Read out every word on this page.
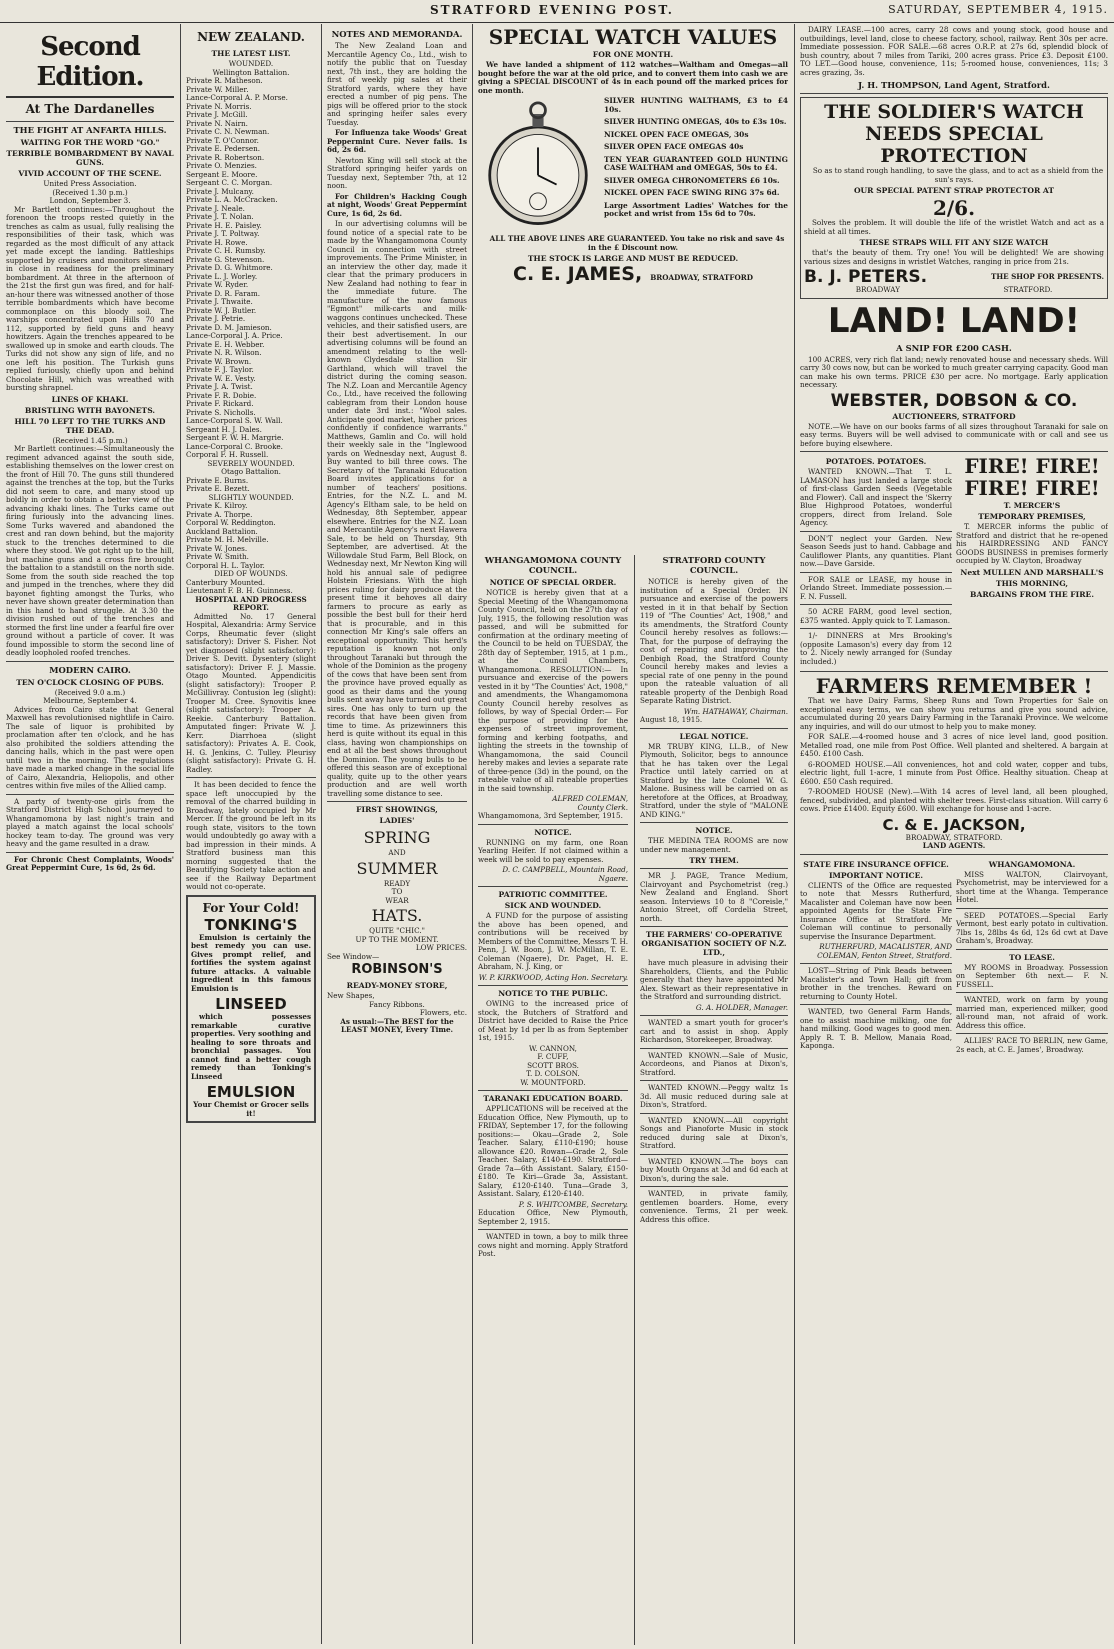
STRATFORD EVENING POST.	SATURDAY, SEPTEMBER 4, 1915.
Second Edition.
At The Dardanelles
THE FIGHT AT ANFARTA HILLS.
WAITING FOR THE WORD "GO."
TERRIBLE BOMBARDMENT BY NAVAL GUNS.
VIVID ACCOUNT OF THE SCENE.
United Press Association.
(Received 1.30 p.m.)
London, September 3.

Mr Bartlett continues:—Throughout the forenoon the troops rested quietly in the trenches as calm as usual, fully realising the responsibilities of their task, which was regarded as the most difficult of any attack yet made except the landing. Battleships supported by cruisers and monitors steamed in close in readiness for the preliminary bombardment. At three in the afternoon of the 21st the first gun was fired, and for half-an-hour there was witnessed another of those terrible bombardments which have become commonplace on this bloody soil. The warships concentrated upon Hills 70 and 112, supported by field guns and heavy howitzers. Again the trenches appeared to be swallowed up in smoke and earth clouds. The Turks did not show any sign of life, and no one left his position. The Turkish guns replied furiously, chiefly upon and behind Chocolate Hill, which was wreathed with bursting shrapnel.

LINES OF KHAKI.
BRISTLING WITH BAYONETS.
HILL 70 LEFT TO THE TURKS AND THE DEAD.
(Received 1.45 p.m.)

Mr Bartlett continues:—Simultaneously the regiment advanced against the south side, establishing themselves on the lower crest on the front of Hill 70. The guns still thundered against the trenches at the top, but the Turks did not seem to care, and many stood up boldly in order to obtain a better view of the advancing khaki lines. The Turks came out firing furiously into the advancing lines. Some Turks wavered and abandoned the crest and ran down behind, but the majority stuck to the trenches determined to die where they stood. We got right up to the hill, but machine guns and a cross fire brought the battalion to a standstill on the north side. Some from the south side reached the top and jumped in the trenches, where they did bayonet fighting amongst the Turks, who never have shown greater determination than in this hand to hand struggle. At 3.30 the division rushed out of the trenches and stormed the first line under a fearful fire over ground without a particle of cover. It was found impossible to storm the second line of deadly loopholed roofed trenches.

MODERN CAIRO.
TEN O'CLOCK CLOSING OF PUBS.
(Received 9.0 a.m.)
Melbourne, September 4.

Advices from Cairo state that General Maxwell has revolutionised nightlife in Cairo. The sale of liquor is prohibited by proclamation after ten o'clock, and he has also prohibited the soldiers attending the dancing halls, which in the past were open until two in the morning. The regulations have made a marked change in the social life of Cairo, Alexandria, Heliopolis, and other centres within five miles of the Allied camp.

A party of twenty-one girls from the Stratford District High School journeyed to Whangamomona by last night's train and played a match against the local schools' hockey team to-day. The ground was very heavy and the game resulted in a draw.

For Chronic Chest Complaints, Woods' Great Peppermint Cure, 1s 6d, 2s 6d.

NEW ZEALAND.
THE LATEST LIST.
WOUNDED.
Wellington Battalion.
Private R. Matheson.
Private W. Miller.
Lance-Corporal A. P. Morse.
Private N. Morris.
Private J. McGill.
Private N. Nairn.
Private C. N. Newman.
Private T. O'Connor.
Private E. Pedersen.
Private R. Robertson.
Private O. Menzies.
Sergeant E. Moore.
Sergeant C. C. Morgan.
Private J. Mulcany.
Private L. A. McCracken.
Private J. Neale.
Private J. T. Nolan.
Private H. E. Paisley.
Private J. T. Poltway.
Private H. Rowe.
Private C. H. Rumsby.
Private G. Stevenson.
Private D. G. Whitmore.
Private L. J. Worley.
Private W. Ryder.
Private D. R. Faram.
Private J. Thwaite.
Private W. J. Butler.
Private J. Petrie.
Private D. M. Jamieson.
Lance-Corporal J. A. Price.
Private E. H. Webber.
Private N. R. Wilson.
Private W. Brown.
Private F. J. Taylor.
Private W. E. Vesty.
Private J. A. Twist.
Private F. R. Dobie.
Private F. Rickard.
Private S. Nicholls.
Lance-Corporal S. W. Wall.
Sergeant H. J. Dales.
Sergeant F. W. H. Margrie.
Lance-Corporal C. Brooke.
Corporal F. H. Russell.
SEVERELY WOUNDED.
Otago Battalion.
Private E. Burns.
Private E. Bezett.
SLIGHTLY WOUNDED.
Private K. Kilroy.
Private A. Thorpe.
Corporal W. Reddington.
Auckland Battalion.
Private M. H. Melville.
Private W. Jones.
Private W. Smith.
Corporal H. L. Taylor.
DIED OF WOUNDS.
Canterbury Mounted.
Lieutenant F. B. H. Guinness.
HOSPITAL AND PROGRESS REPORT.

Admitted No. 17 General Hospital, Alexandria: Army Service Corps, Rheumatic fever (slight satisfactory): Driver S. Fisher. Not yet diagnosed (slight satisfactory): Driver S. Devitt. Dysentery (slight satisfactory): Driver F. J. Massie. Otago Mounted. Appendicitis (slight satisfactory): Trooper P. McGillivray. Contusion leg (slight): Trooper M. Cree. Synovitis knee (slight satisfactory): Trooper A. Reekie. Canterbury Battalion. Amputated finger: Private W. J. Kerr. Diarrhoea (slight satisfactory): Privates A. E. Cook, H. G. Jenkins, C. Tulley. Pleurisy (slight satisfactory): Private G. H. Radley.

It has been decided to fence the space left unoccupied by the removal of the charred building in Broadway, lately occupied by Mr Mercer. If the ground be left in its rough state, visitors to the town would undoubtedly go away with a bad impression in their minds. A Stratford business man this morning suggested that the Beautifying Society take action and see if the Railway Department would not co-operate.

For Your Cold!
TONKING'S

Emulsion is certainly the best remedy you can use. Gives prompt relief, and fortifies the system against future attacks. A valuable ingredient in this famous Emulsion is

LINSEED

which possesses remarkable curative properties. Very soothing and healing to sore throats and bronchial passages. You cannot find a better cough remedy than Tonking's Linseed

EMULSION
Your Chemist or Grocer sells it!
NOTES AND MEMORANDA.

The New Zealand Loan and Mercantile Agency Co., Ltd., wish to notify the public that on Tuesday next, 7th inst., they are holding the first of weekly pig sales at their Stratford yards, where they have erected a number of pig pens. The pigs will be offered prior to the stock and springing heifer sales every Tuesday.

For Influenza take Woods' Great Peppermint Cure. Never fails. 1s 6d, 2s 6d.

Newton King will sell stock at the Stratford springing heifer yards on Tuesday next, September 7th, at 12 noon.

For Children's Hacking Cough at night, Woods' Great Peppermint Cure, 1s 6d, 2s 6d.

In our advertising columns will be found notice of a special rate to be made by the Whangamomona County Council in connection with street improvements. The Prime Minister, in an interview the other day, made it clear that the primary producers in New Zealand had nothing to fear in the immediate future. The manufacture of the now famous "Egmont" milk-carts and milk-waggons continues unchecked. These vehicles, and their satisfied users, are their best advertisement. In our advertising columns will be found an amendment relating to the well-known Clydesdale stallion Sir Garthland, which will travel the district during the coming season. The N.Z. Loan and Mercantile Agency Co., Ltd., have received the following cablegram from their London house under date 3rd inst.: "Wool sales. Anticipate good market, higher prices confidently if confidence warrants." Matthews, Gamlin and Co. will hold their weekly sale in the "Inglewood yards on Wednesday next, August 8. Buy wanted to bill three cows. The Secretary of the Taranaki Education Board invites applications for a number of teachers' positions. Entries, for the N.Z. L. and M. Agency's Eltham sale, to be held on Wednesday, 8th September, appear elsewhere. Entries for the N.Z. Loan and Mercantile Agency's next Hawera Sale, to be held on Thursday, 9th September, are advertised. At the Willowdale Stud Farm, Bell Block, on Wednesday next, Mr Newton King will hold his annual sale of pedigree Holstein Friesians. With the high prices ruling for dairy produce at the present time it behoves all dairy farmers to procure as early as possible the best bull for their herd that is procurable, and in this connection Mr King's sale offers an exceptional opportunity. This herd's reputation is known not only throughout Taranaki but through the whole of the Dominion as the progeny of the cows that have been sent from the province have proved equally as good as their dams and the young bulls sent away have turned out great sires. One has only to turn up the records that have been given from time to time. As prizewinners this herd is quite without its equal in this class, having won championships on end at all the best shows throughout the Dominion. The young bulls to be offered this season are of exceptional quality, quite up to the other years production and are well worth travelling some distance to see.

FIRST SHOWINGS,
LADIES'
SPRING
AND
SUMMER
READY
TO
WEAR
HATS.
QUITE "CHIC."
UP TO THE MOMENT.
LOW PRICES.
See Window—
ROBINSON'S
READY-MONEY STORE,
New Shapes,
Fancy Ribbons.
Flowers, etc.
As usual:—The BEST for the
LEAST MONEY, Every Time.
SPECIAL WATCH VALUES
FOR ONE MONTH.

We have landed a shipment of 112 watches—Waltham and Omegas—all bought before the war at the old price, and to convert them into cash we are giving a SPECIAL DISCOUNT of 4s in each pound off the marked prices for one month.

SILVER HUNTING WALTHAMS, £3 to £4 10s.
SILVER HUNTING OMEGAS, 40s to £3s 10s.
NICKEL OPEN FACE OMEGAS, 30s
SILVER OPEN FACE OMEGAS 40s
TEN YEAR GUARANTEED GOLD HUNTING CASE WALTHAM and OMEGAS, 50s to £4.
SILVER OMEGA CHRONOMETERS £6 10s.
NICKEL OPEN FACE SWING RING 37s 6d.
Large Assortment Ladies' Watches for the pocket and wrist from 15s 6d to 70s.

ALL THE ABOVE LINES ARE GUARANTEED. You take no risk and save 4s in the £ Discount now.

THE STOCK IS LARGE AND MUST BE REDUCED.
C. E. JAMES, BROADWAY, STRATFORD
WHANGAMOMONA COUNTY COUNCIL.
NOTICE OF SPECIAL ORDER.

NOTICE is hereby given that at a Special Meeting of the Whangamomona County Council, held on the 27th day of July, 1915, the following resolution was passed, and will be submitted for confirmation at the ordinary meeting of the Council to be held on TUESDAY, the 28th day of September, 1915, at 1 p.m., at the Council Chambers, Whangamomona. RESOLUTION:— In pursuance and exercise of the powers vested in it by "The Counties' Act, 1908," and amendments, the Whangamomona County Council hereby resolves as follows, by way of Special Order:— For the purpose of providing for the expenses of street improvement, forming and kerbing footpaths, and lighting the streets in the township of Whangamomona, the said Council hereby makes and levies a separate rate of three-pence (3d) in the pound, on the rateable value of all rateable properties in the said township.

ALFRED COLEMAN,
County Clerk.
Whangamomona, 3rd September, 1915.
NOTICE.

RUNNING on my farm, one Roan Yearling Heifer. If not claimed within a week will be sold to pay expenses.

D. C. CAMPBELL, Mountain Road, Ngaere.
PATRIOTIC COMMITTEE.
SICK AND WOUNDED.

A FUND for the purpose of assisting the above has been opened, and contributions will be received by Members of the Committee, Messrs T. H. Penn, J. W. Boon, J. W. McMillan, T. E. Coleman (Ngaere), Dr. Paget, H. E. Abraham, N. J. King, or

W. P. KIRKWOOD, Acting Hon. Secretary.
NOTICE TO THE PUBLIC.

OWING to the increased price of stock, the Butchers of Stratford and District have decided to Raise the Price of Meat by 1d per lb as from September 1st, 1915.

W. CANNON,
F. CUFF,
SCOTT BROS.
T. D. COLSON.
W. MOUNTFORD.
TARANAKI EDUCATION BOARD.

APPLICATIONS will be received at the Education Office, New Plymouth, up to FRIDAY, September 17, for the following positions:— Okau—Grade 2, Sole Teacher. Salary, £110-£190; house allowance £20. Rowan—Grade 2, Sole Teacher. Salary, £140-£190. Stratford—Grade 7a—6th Assistant. Salary, £150-£180. Te Kiri—Grade 3a, Assistant. Salary, £120-£140. Tuna—Grade 3, Assistant. Salary, £120-£140.

P. S. WHITCOMBE, Secretary.
Education Office, New Plymouth, September 2, 1915.

WANTED in town, a boy to milk three cows night and morning. Apply Stratford Post.

STRATFORD COUNTY COUNCIL.

NOTICE is hereby given of the institution of a Special Order. IN pursuance and exercise of the powers vested in it in that behalf by Section 119 of "The Counties' Act, 1908," and its amendments, the Stratford County Council hereby resolves as follows:— That, for the purpose of defraying the cost of repairing and improving the Denbigh Road, the Stratford County Council hereby makes and levies a special rate of one penny in the pound upon the rateable valuation of all rateable property of the Denbigh Road Separate Rating District.

Wm. HATHAWAY, Chairman.
August 18, 1915.
LEGAL NOTICE.

MR TRUBY KING, LL.B., of New Plymouth, Solicitor, begs to announce that he has taken over the Legal Practice until lately carried on at Stratford by the late Colonel W. G. Malone. Business will be carried on as heretofore at the Offices, at Broadway, Stratford, under the style of "MALONE AND KING."

NOTICE.

THE MEDINA TEA ROOMS are now under new management.

TRY THEM.

MR J. PAGE, Trance Medium, Clairvoyant and Psychometrist (reg.) New Zealand and England. Short season. Interviews 10 to 8 "Coreisle," Antonio Street, off Cordelia Street, north.

THE FARMERS' CO-OPERATIVE ORGANISATION SOCIETY OF N.Z. LTD.,

have much pleasure in advising their Shareholders, Clients, and the Public generally that they have appointed Mr Alex. Stewart as their representative in the Stratford and surrounding district.

G. A. HOLDER, Manager.

WANTED a smart youth for grocer's cart and to assist in shop. Apply Richardson, Storekeeper, Broadway.

WANTED KNOWN.—Sale of Music, Accordeons, and Pianos at Dixon's, Stratford.

WANTED KNOWN.—Peggy waltz 1s 3d. All music reduced during sale at Dixon's, Stratford.

WANTED KNOWN.—All copyright Songs and Pianoforte Music in stock reduced during sale at Dixon's, Stratford.

WANTED KNOWN.—The boys can buy Mouth Organs at 3d and 6d each at Dixon's, during the sale.

WANTED, in private family, gentlemen boarders. Home, every convenience. Terms, 21 per week. Address this office.

DAIRY LEASE.—100 acres, carry 28 cows and young stock, good house and outbuildings, level land, close to cheese factory, school, railway. Rent 30s per acre. Immediate possession. FOR SALE.—68 acres O.R.P. at 27s 6d, splendid block of bush country, about 7 miles from Tariki, 200 acres grass. Price £3. Deposit £100. TO LET.—Good house, convenience, 11s; 5-roomed house, conveniences, 11s; 3 acres grazing, 3s.

J. H. THOMPSON, Land Agent, Stratford.
THE SOLDIER'S WATCH NEEDS SPECIAL PROTECTION

So as to stand rough handling, to save the glass, and to act as a shield from the sun's rays.

OUR SPECIAL PATENT STRAP PROTECTOR AT
2/6.

Solves the problem. It will double the life of the wristlet Watch and act as a shield at all times.

THESE STRAPS WILL FIT ANY SIZE WATCH

that's the beauty of them. Try one! You will be delighted! We are showing various sizes and designs in wristlet Watches, ranging in price from 21s.

B. J. PETERS.	THE SHOP FOR PRESENTS.
BROADWAY	STRATFORD.
LAND! LAND!
A SNIP FOR £200 CASH.

100 ACRES, very rich flat land; newly renovated house and necessary sheds. Will carry 30 cows now, but can be worked to much greater carrying capacity. Good man can make his own terms. PRICE £30 per acre. No mortgage. Early application necessary.

WEBSTER, DOBSON & CO.
AUCTIONEERS, STRATFORD

NOTE.—We have on our books farms of all sizes throughout Taranaki for sale on easy terms. Buyers will be well advised to communicate with or call and see us before buying elsewhere.

POTATOES. POTATOES.

WANTED KNOWN.—That T. L. LAMASON has just landed a large stock of first-class Garden Seeds (Vegetable and Flower). Call and inspect the 'Skerry Blue Highprood Potatoes, wonderful croppers, direct from Ireland. Sole Agency.

DON'T neglect your Garden. New Season Seeds just to hand. Cabbage and Cauliflower Plants, any quantities. Plant now.—Dave Garside.

FOR SALE or LEASE, my house in Orlando Street. Immediate possession.—F. N. Fussell.

50 ACRE FARM, good level section, £375 wanted. Apply quick to T. Lamason.

1/- DINNERS at Mrs Brooking's (opposite Lamason's) every day from 12 to 2. Nicely newly arranged for (Sunday included.)

FIRE! FIRE! FIRE! FIRE!
T. MERCER'S
TEMPORARY PREMISES,

T. MERCER informs the public of Stratford and district that he re-opened his HAIRDRESSING AND FANCY GOODS BUSINESS in premises formerly occupied by W. Clayton, Broadway

Next MULLEN AND MARSHALL'S
THIS MORNING,
BARGAINS FROM THE FIRE.
FARMERS REMEMBER !

That we have Dairy Farms, Sheep Runs and Town Properties for Sale on exceptional easy terms, we can show you returns and give you sound advice, accumulated during 20 years Dairy Farming in the Taranaki Province. We welcome any inquiries, and will do our utmost to help you to make money.

FOR SALE.—4-roomed house and 3 acres of nice level land, good position. Metalled road, one mile from Post Office. Well planted and sheltered. A bargain at £450. £100 Cash.

6-ROOMED HOUSE.—All conveniences, hot and cold water, copper and tubs, electric light, full 1-acre, 1 minute from Post Office. Healthy situation. Cheap at £600. £50 Cash required.

7-ROOMED HOUSE (New).—With 14 acres of level land, all been ploughed, fenced, subdivided, and planted with shelter trees. First-class situation. Will carry 6 cows. Price £1400. Equity £600. Will exchange for house and 1-acre.

C. & E. JACKSON,
BROADWAY, STRATFORD.
LAND AGENTS.
STATE FIRE INSURANCE OFFICE.
IMPORTANT NOTICE.

CLIENTS of the Office are requested to note that Messrs Rutherfurd, Macalister and Coleman have now been appointed Agents for the State Fire Insurance Office at Stratford. Mr Coleman will continue to personally supervise the Insurance Department.

RUTHERFURD, MACALISTER, AND COLEMAN, Fenton Street, Stratford.

LOST—String of Pink Beads between Macalister's and Town Hall; gift from brother in the trenches. Reward on returning to County Hotel.

WANTED, two General Farm Hands, one to assist machine milking, one for hand milking. Good wages to good men. Apply R. T. B. Mellow, Manaia Road, Kaponga.

WHANGAMOMONA.

MISS WALTON, Clairvoyant, Psychometrist, may be interviewed for a short time at the Whanga. Temperance Hotel.

SEED POTATOES.—Special Early Vermont, best early potato in cultivation. 7lbs 1s, 28lbs 4s 6d, 12s 6d cwt at Dave Graham's, Broadway.

TO LEASE.

MY ROOMS in Broadway. Possession on September 6th next.— F. N. FUSSELL.

WANTED, work on farm by young married man, experienced milker, good all-round man, not afraid of work. Address this office.

ALLIES' RACE TO BERLIN, new Game, 2s each, at C. E. James', Broadway.
